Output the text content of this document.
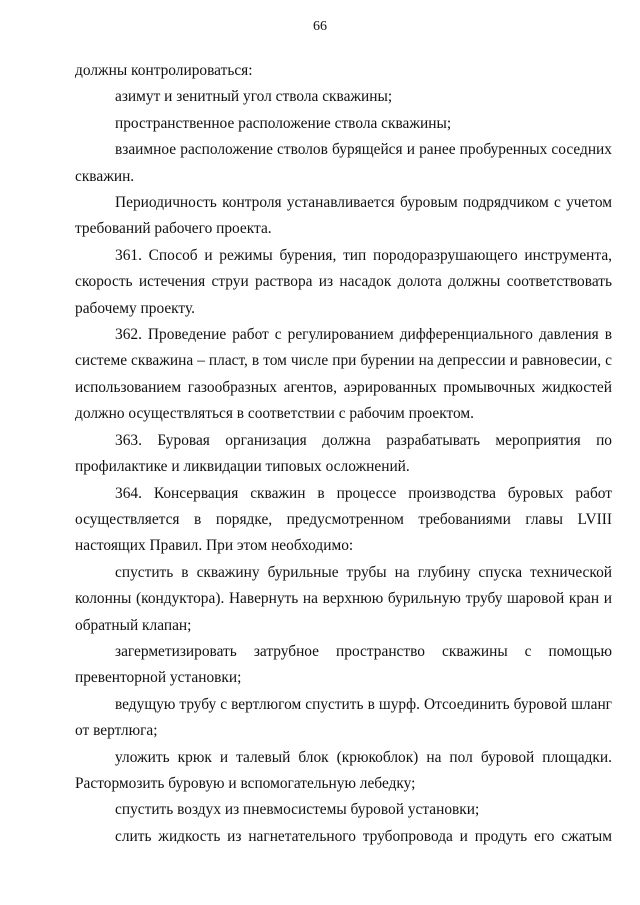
66

должны контролироваться:

азимут и зенитный угол ствола скважины;

пространственное расположение ствола скважины;

взаимное расположение стволов бурящейся и ранее пробуренных соседних скважин.

Периодичность контроля устанавливается буровым подрядчиком с учетом требований рабочего проекта.

361. Способ и режимы бурения, тип породоразрушающего инструмента, скорость истечения струи раствора из насадок долота должны соответствовать рабочему проекту.

362. Проведение работ с регулированием дифференциального давления в системе скважина – пласт, в том числе при бурении на депрессии и равновесии, с использованием газообразных агентов, аэрированных промывочных жидкостей должно осуществляться в соответствии с рабочим проектом.

363. Буровая организация должна разрабатывать мероприятия по профилактике и ликвидации типовых осложнений.

364. Консервация скважин в процессе производства буровых работ осуществляется в порядке, предусмотренном требованиями главы LVIII настоящих Правил. При этом необходимо:

спустить в скважину бурильные трубы на глубину спуска технической колонны (кондуктора). Навернуть на верхнюю бурильную трубу шаровой кран и обратный клапан;

загерметизировать затрубное пространство скважины с помощью превенторной установки;

ведущую трубу с вертлюгом спустить в шурф. Отсоединить буровой шланг от вертлюга;

уложить крюк и талевый блок (крюкоблок) на пол буровой площадки. Растормозить буровую и вспомогательную лебедку;

спустить воздух из пневмосистемы буровой установки;

слить жидкость из нагнетательного трубопровода и продуть его сжатым
